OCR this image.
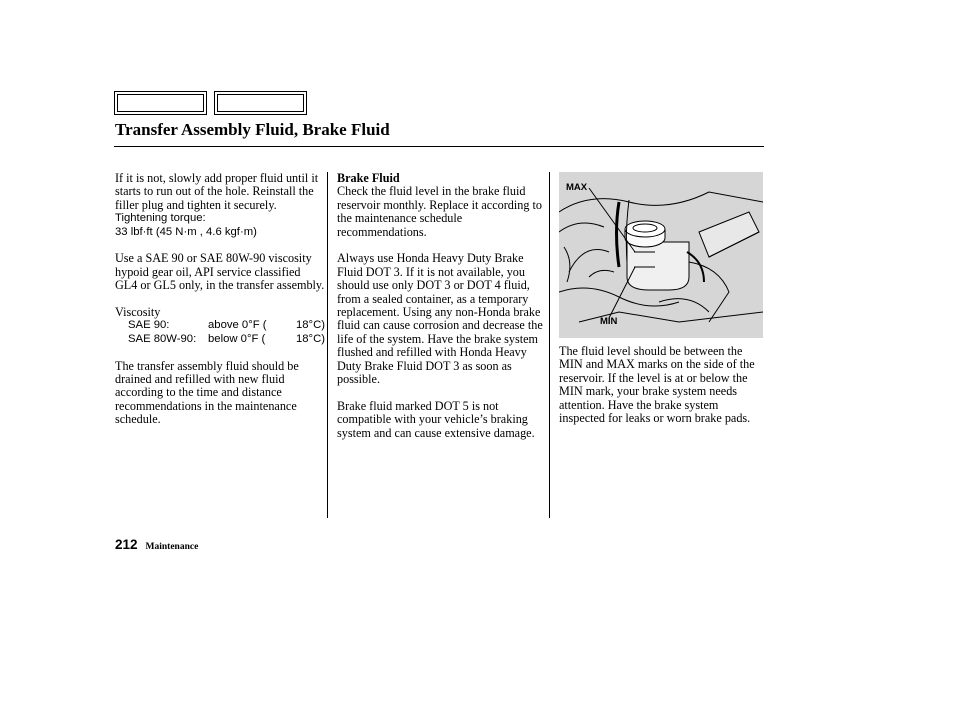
Transfer Assembly Fluid, Brake Fluid

If it is not, slowly add proper fluid until it starts to run out of the hole. Reinstall the filler plug and tighten it securely.

Tightening torque:

33 lbf·ft (45 N·m , 4.6 kgf·m)

Use a SAE 90 or SAE 80W-90 viscosity hypoid gear oil, API service classified GL4 or GL5 only, in the transfer assembly.

Viscosity

SAE 90:	above 0°F (	18°C)
SAE 80W-90:	below 0°F (	18°C)

The transfer assembly fluid should be drained and refilled with new fluid according to the time and distance recommendations in the maintenance schedule.

Brake Fluid

Check the fluid level in the brake fluid reservoir monthly. Replace it according to the maintenance schedule recommendations.

Always use Honda Heavy Duty Brake Fluid DOT 3. If it is not available, you should use only DOT 3 or DOT 4 fluid, from a sealed container, as a temporary replacement. Using any non-Honda brake fluid can cause corrosion and decrease the life of the system. Have the brake system flushed and refilled with Honda Heavy Duty Brake Fluid DOT 3 as soon as possible.

Brake fluid marked DOT 5 is not compatible with your vehicle’s braking system and can cause extensive damage.

MAX
MIN

The fluid level should be between the MIN and MAX marks on the side of the reservoir. If the level is at or below the MIN mark, your brake system needs attention. Have the brake system inspected for leaks or worn brake pads.

212 Maintenance
